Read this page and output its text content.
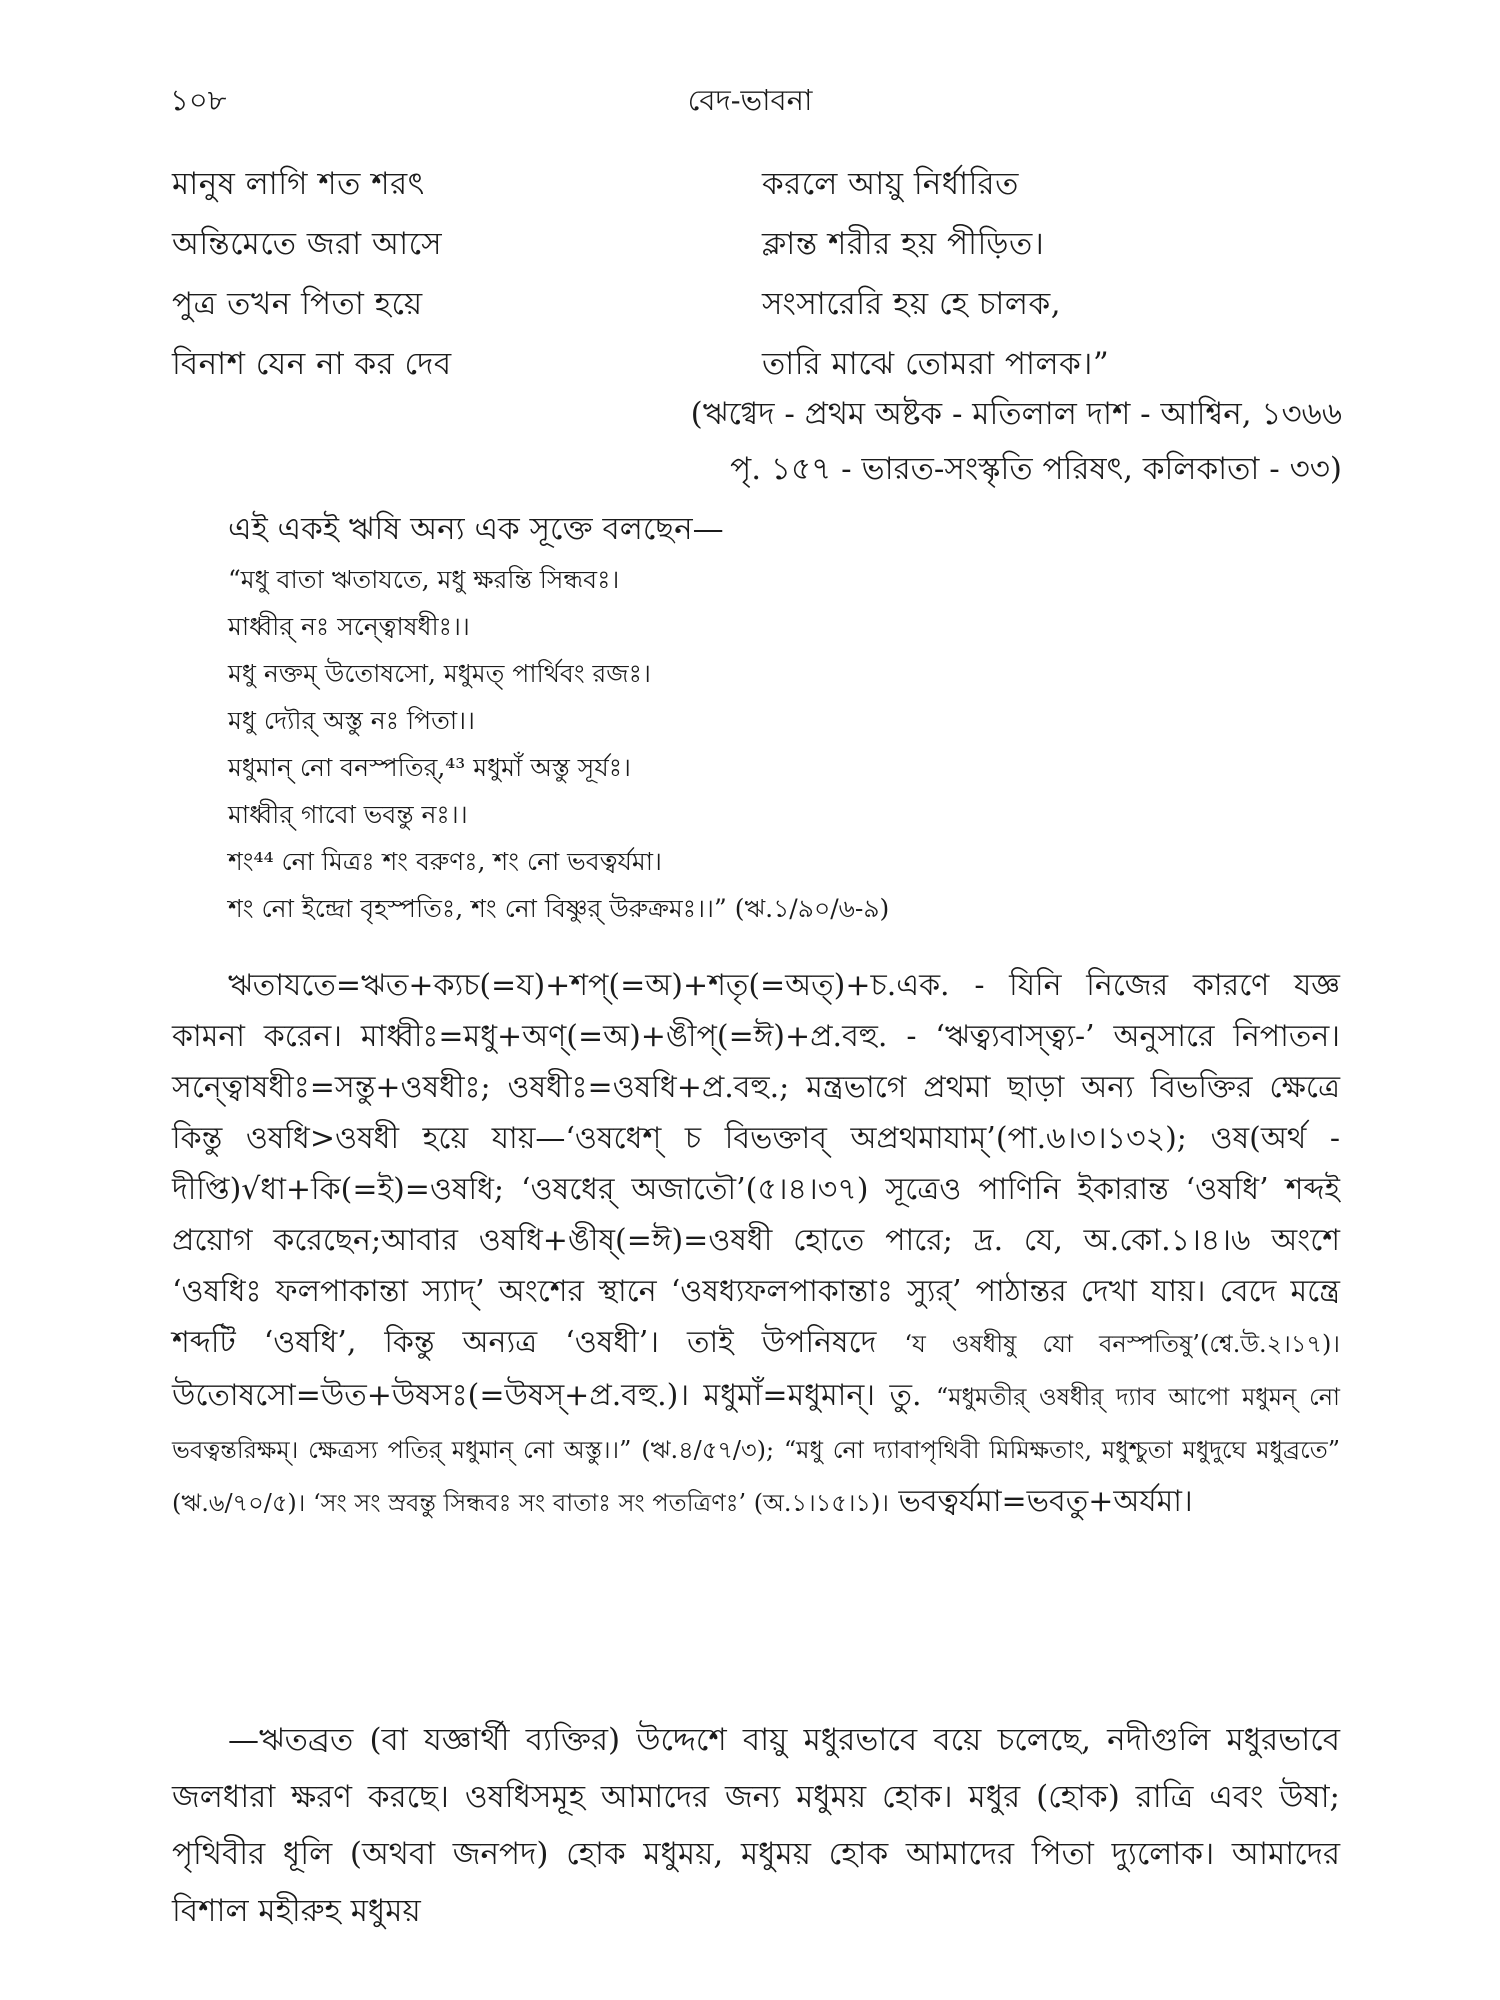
১০৮	বেদ-ভাবনা
মানুষ লাগি শত শরৎ	করলে আয়ু নির্ধারিত
অন্তিমেতে জরা আসে	ক্লান্ত শরীর হয় পীড়িত।
পুত্র তখন পিতা হয়ে	সংসারেরি হয় হে চালক,
বিনাশ যেন না কর দেব	তারি মাঝে তোমরা পালক।”
(ঋগ্বেদ - প্রথম অষ্টক - মতিলাল দাশ - আশ্বিন, ১৩৬৬
পৃ. ১৫৭ - ভারত-সংস্কৃতি পরিষৎ, কলিকাতা - ৩৩)
এই একই ঋষি অন্য এক সূক্তে বলছেন—
“মধু বাতা ঋতাযতে, মধু ক্ষরন্তি সিন্ধবঃ।
মাধ্বীর্ নঃ সন্ত্বোষধীঃ।।
মধু নক্তম্ উতোষসো, মধুমত্ পার্থিবং রজঃ।
মধু দ্যৌর্ অস্তু নঃ পিতা।।
মধুমান্ নো বনস্পতির্,⁴³ মধুমাঁ অস্তু সূর্যঃ।
মাধ্বীর্ গাবো ভবন্তু নঃ।।
শং⁴⁴ নো মিত্রঃ শং বরুণঃ, শং নো ভবত্বর্যমা।
শং নো ইন্দ্রো বৃহস্পতিঃ, শং নো বিষ্ণুর্ উরুক্রমঃ।।” (ঋ.১/৯০/৬-৯)
ঋতাযতে=ঋত+ক্যচ(=য)+শপ্(=অ)+শতৃ(=অত্)+চ.এক. - যিনি নিজের কারণে যজ্ঞ কামনা করেন। মাধ্বীঃ=মধু+অণ্(=অ)+ঙীপ্(=ঈ)+প্র.বহু. - ‘ঋত্ব্যবাস্ত্ব্য-’ অনুসারে নিপাতন। সন্ত্বোষধীঃ=সন্তু+ওষধীঃ; ওষধীঃ=ওষধি+প্র.বহু.; মন্ত্রভাগে প্রথমা ছাড়া অন্য বিভক্তির ক্ষেত্রে কিন্তু ওষধি>ওষধী হয়ে যায়—‘ওষধেশ্ চ বিভক্তাব্ অপ্রথমাযাম্’(পা.৬।৩।১৩২); ওষ(অর্থ - দীপ্তি)√ধা+কি(=ই)=ওষধি; ‘ওষধের্ অজাতৌ’(৫।৪।৩৭) সূত্রেও পাণিনি ইকারান্ত ‘ওষধি’ শব্দই প্রয়োগ করেছেন;আবার ওষধি+ঙীষ্(=ঈ)=ওষধী হোতে পারে; দ্র. যে, অ.কো.১।৪।৬ অংশে ‘ওষধিঃ ফলপাকান্তা স্যাদ্’ অংশের স্থানে ‘ওষধ্যফলপাকান্তাঃ স্যুর্’ পাঠান্তর দেখা যায়। বেদে মন্ত্রে শব্দটি ‘ওষধি’, কিন্তু অন্যত্র ‘ওষধী’। তাই উপনিষদে ‘য ওষধীষু যো বনস্পতিষু’(শ্বে.উ.২।১৭)। উতোষসো=উত+উষসঃ(=উষস্+প্র.বহু.)। মধুমাঁ=মধুমান্। তু. “মধুমতীর্ ওষধীর্ দ্যাব আপো মধুমন্ নো ভবত্বন্তরিক্ষম্। ক্ষেত্রস্য পতির্ মধুমান্ নো অস্তু।।” (ঋ.৪/৫৭/৩); “মধু নো দ্যাবাপৃথিবী মিমিক্ষতাং, মধুশ্চুতা মধুদুঘে মধুব্রতে” (ঋ.৬/৭০/৫)। ‘সং সং স্রবন্তু সিন্ধবঃ সং বাতাঃ সং পতত্রিণঃ’ (অ.১।১৫।১)। ভবত্বর্যমা=ভবতু+অর্যমা।
—ঋতব্রত (বা যজ্ঞার্থী ব্যক্তির) উদ্দেশে বায়ু মধুরভাবে বয়ে চলেছে, নদীগুলি মধুরভাবে জলধারা ক্ষরণ করছে। ওষধিসমূহ আমাদের জন্য মধুময় হোক। মধুর (হোক) রাত্রি এবং উষা; পৃথিবীর ধূলি (অথবা জনপদ) হোক মধুময়, মধুময় হোক আমাদের পিতা দ্যুলোক। আমাদের বিশাল মহীরুহ মধুময়
